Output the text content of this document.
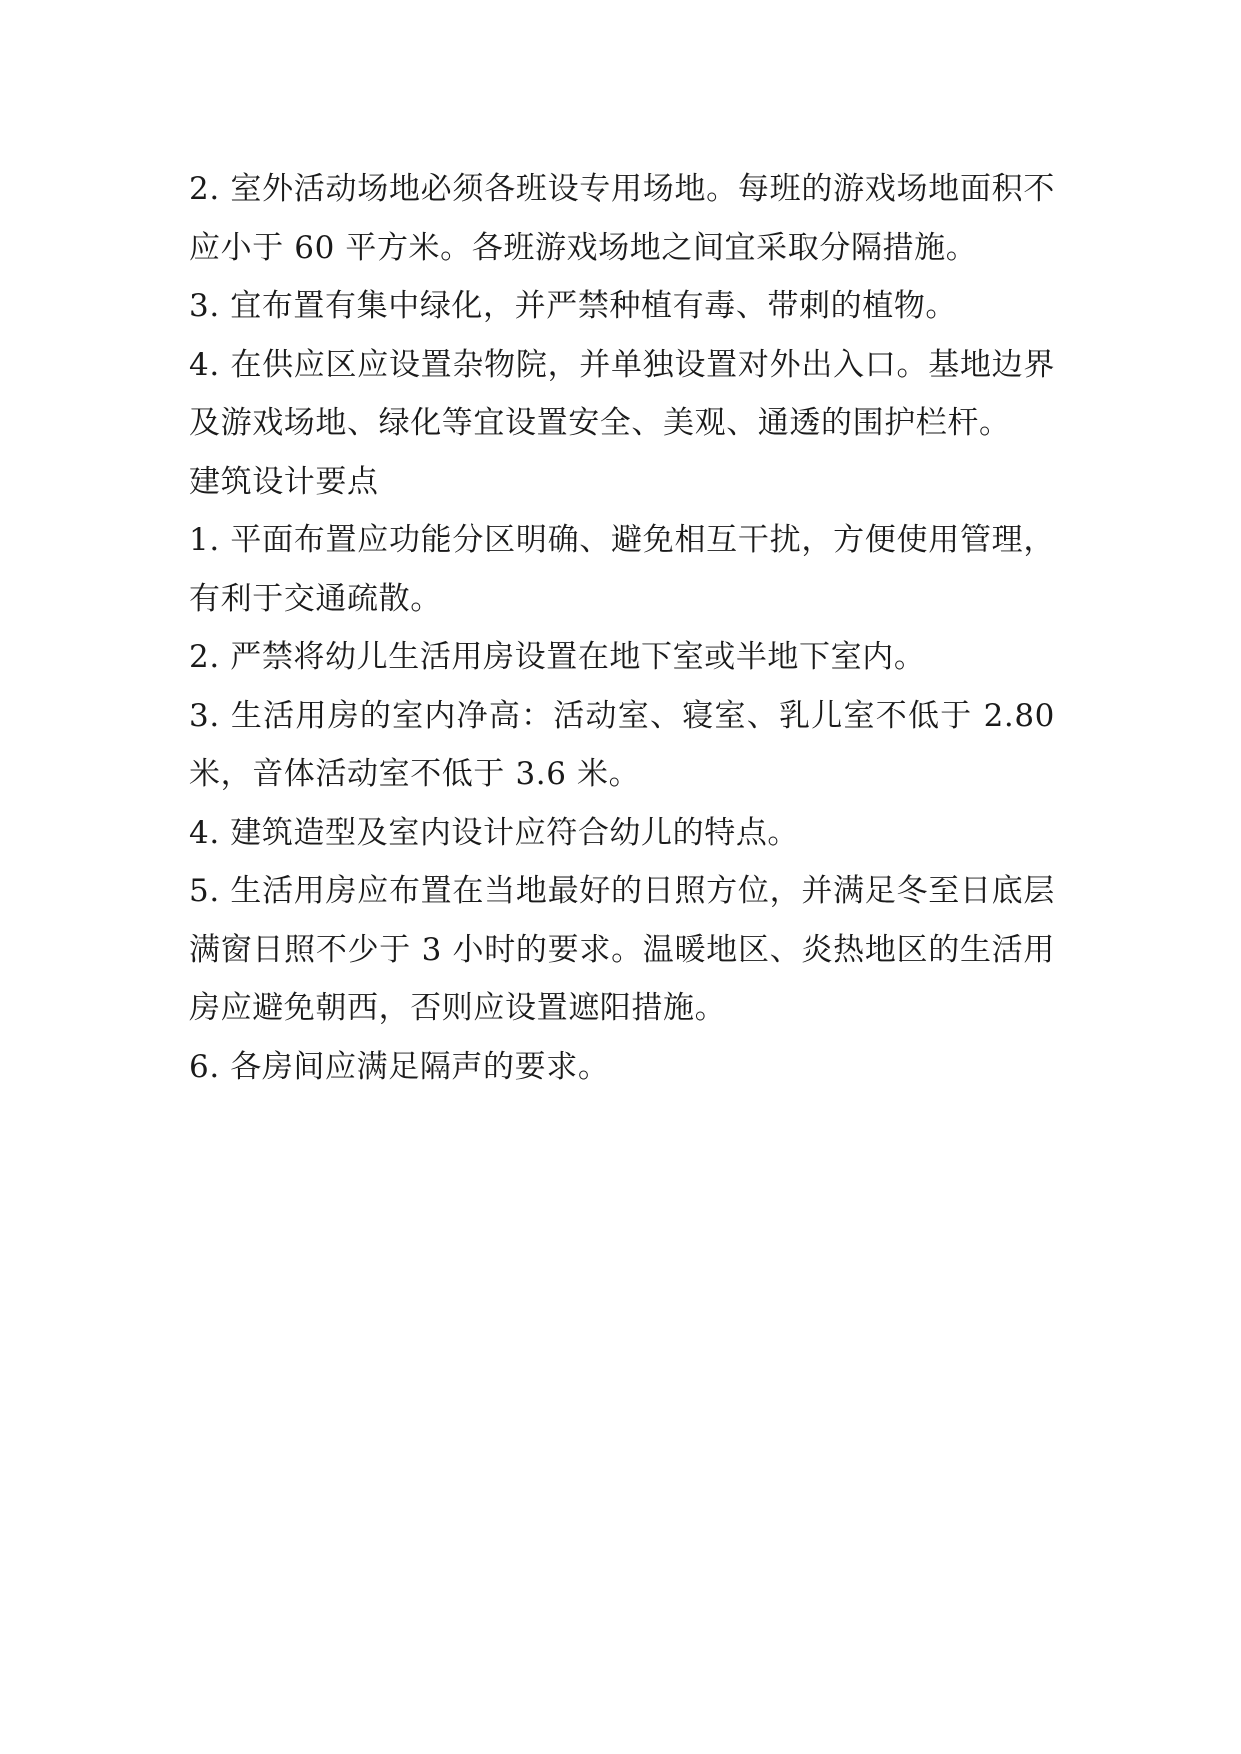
2. 室外活动场地必须各班设专用场地。每班的游戏场地面积不应小于 60 平方米。各班游戏场地之间宜采取分隔措施。

3. 宜布置有集中绿化，并严禁种植有毒、带刺的植物。

4. 在供应区应设置杂物院，并单独设置对外出入口。基地边界及游戏场地、绿化等宜设置安全、美观、通透的围护栏杆。

建筑设计要点

1. 平面布置应功能分区明确、避免相互干扰，方便使用管理，有利于交通疏散。

2. 严禁将幼儿生活用房设置在地下室或半地下室内。

3. 生活用房的室内净高：活动室、寝室、乳儿室不低于 2.80 米，音体活动室不低于 3.6 米。

4. 建筑造型及室内设计应符合幼儿的特点。

5. 生活用房应布置在当地最好的日照方位，并满足冬至日底层满窗日照不少于 3 小时的要求。温暖地区、炎热地区的生活用房应避免朝西，否则应设置遮阳措施。

6. 各房间应满足隔声的要求。
